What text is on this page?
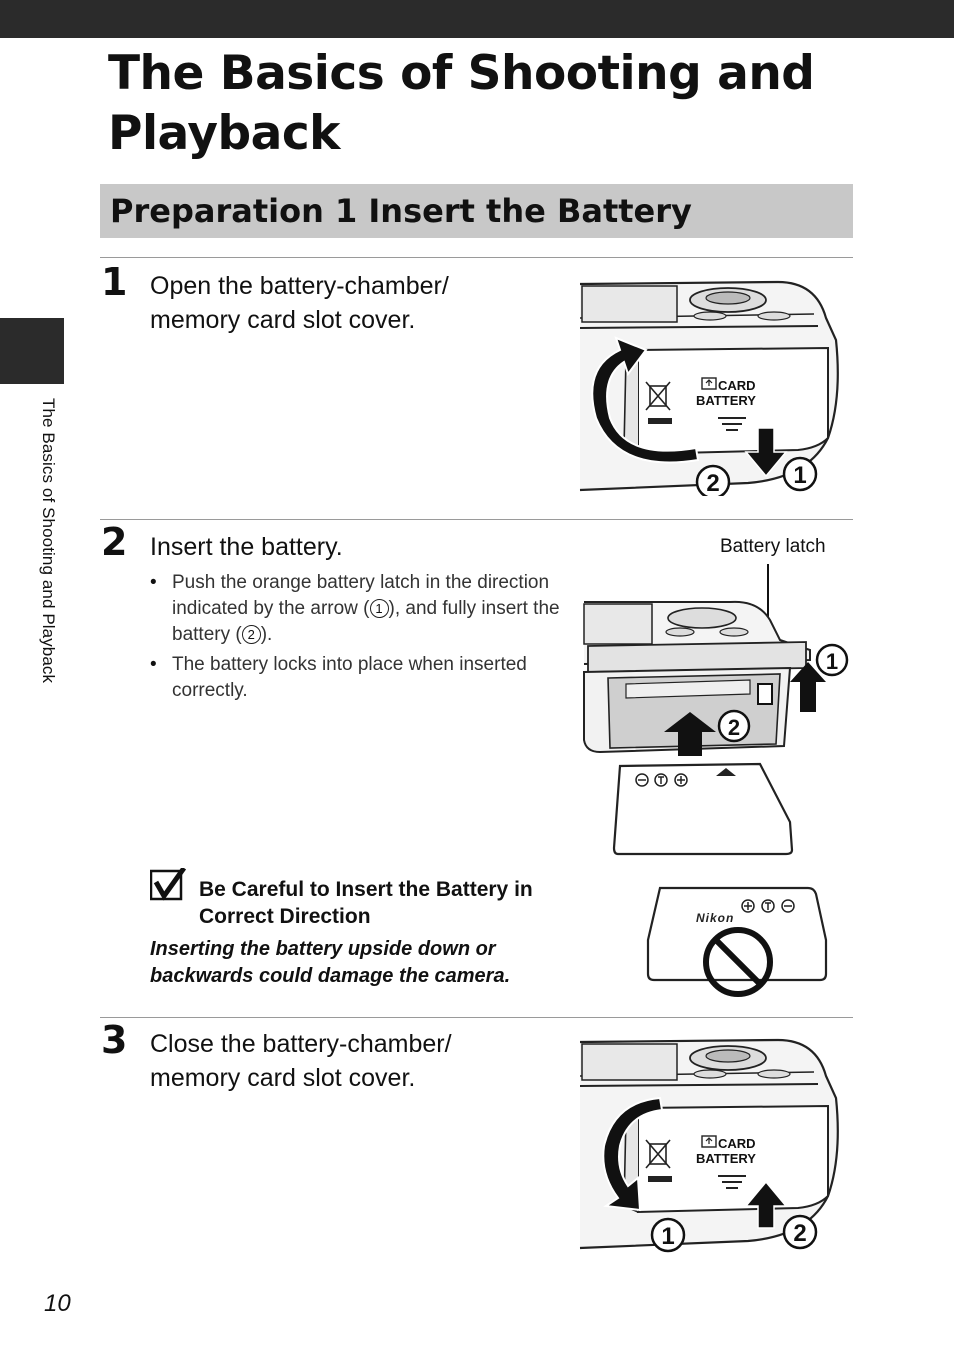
The Basics of Shooting and Playback
The Basics of Shooting and Playback
Preparation 1 Insert the Battery
1 Open the battery-chamber/ memory card slot cover.
CARD
BATTERY
1
2
2 Insert the battery.
• Push the orange battery latch in the direction indicated by the arrow ( 1 ), and fully insert the battery ( 2 ).
• The battery locks into place when inserted correctly.
Battery latch
1
2
Be Careful to Insert the Battery in Correct Direction
Inserting the battery upside down or backwards could damage the camera.
Nikon
3 Close the battery-chamber/ memory card slot cover.
CARD
BATTERY
1	2
10
